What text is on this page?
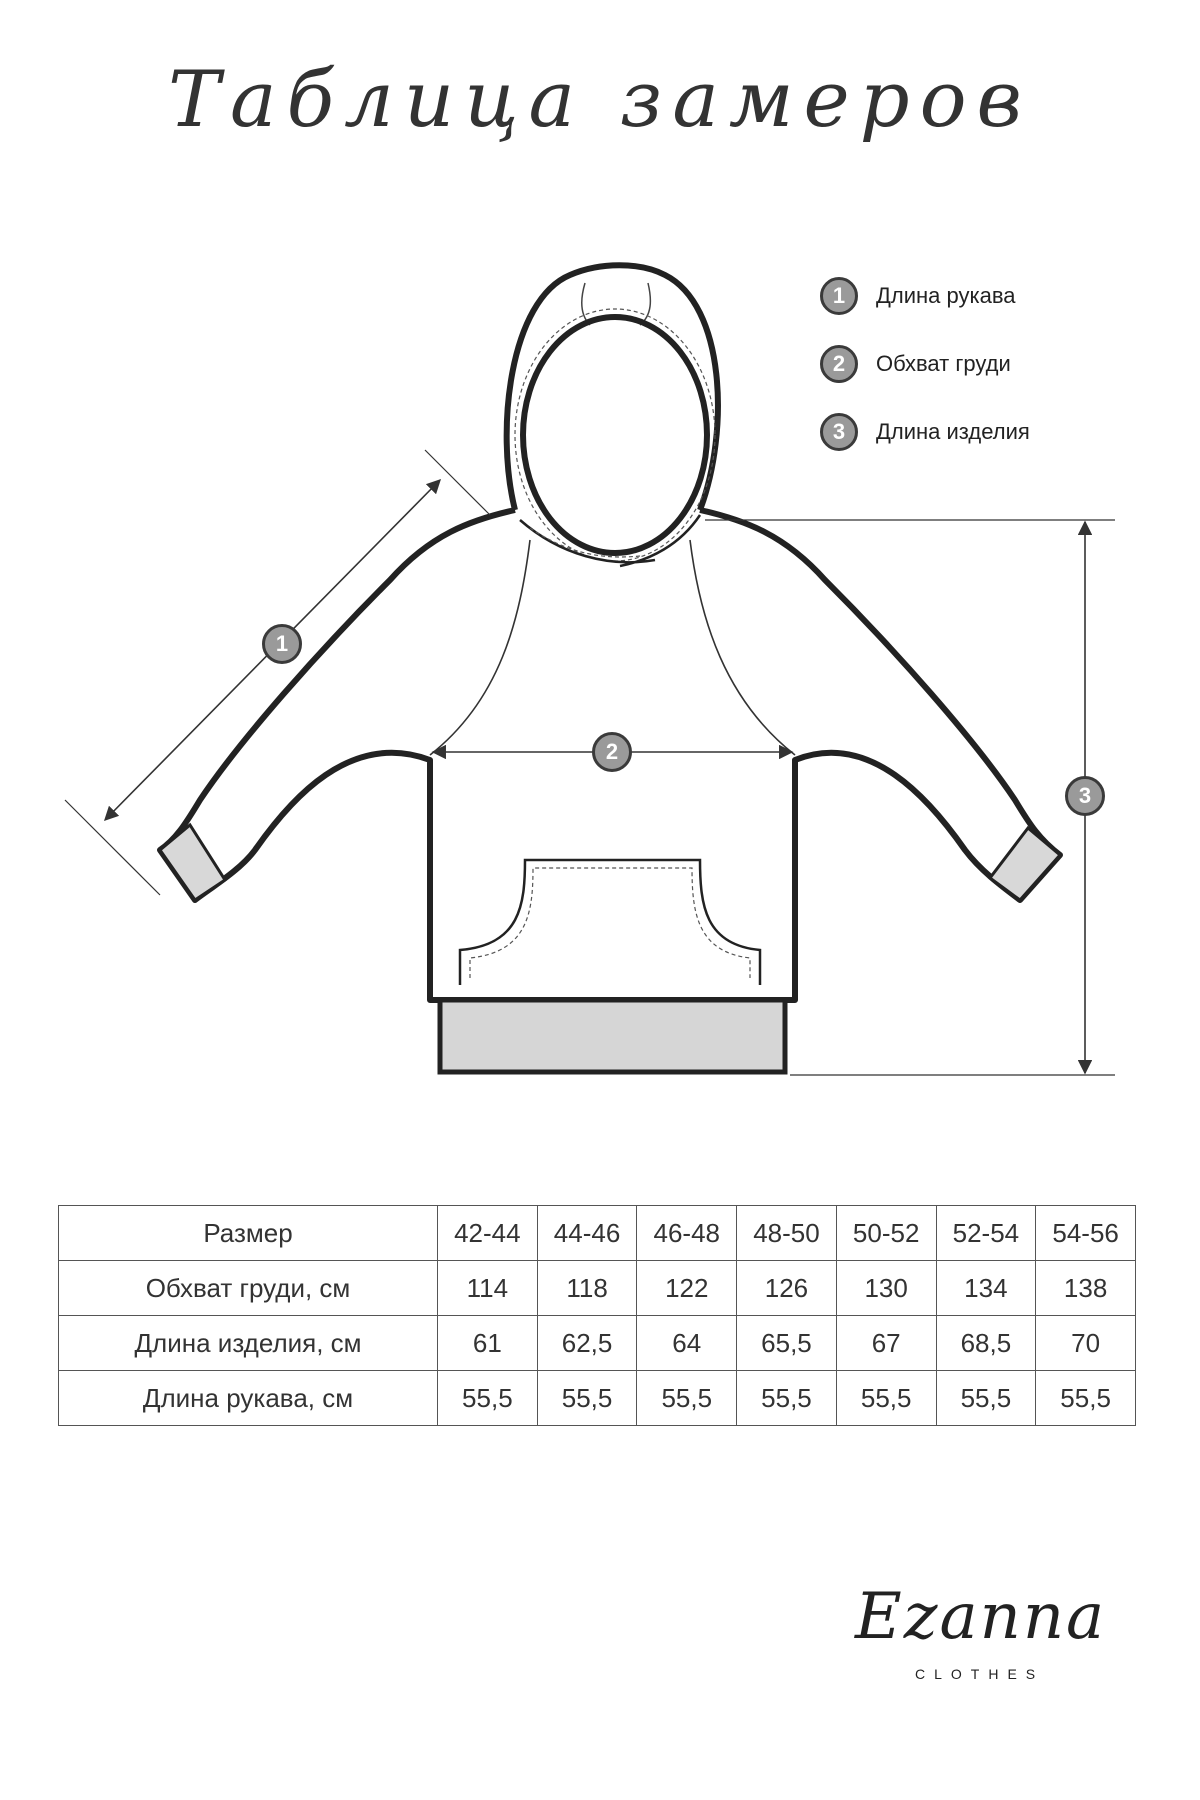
Таблица замеров
1
2
3
1	Длина рукава
2	Обхват груди
3	Длина изделия
Размер	42-44	44-46	46-48	48-50	50-52	52-54	54-56
Обхват груди, см	114	118	122	126	130	134	138
Длина изделия, см	61	62,5	64	65,5	67	68,5	70
Длина рукава, см	55,5	55,5	55,5	55,5	55,5	55,5	55,5
Ezanna
CLOTHES
